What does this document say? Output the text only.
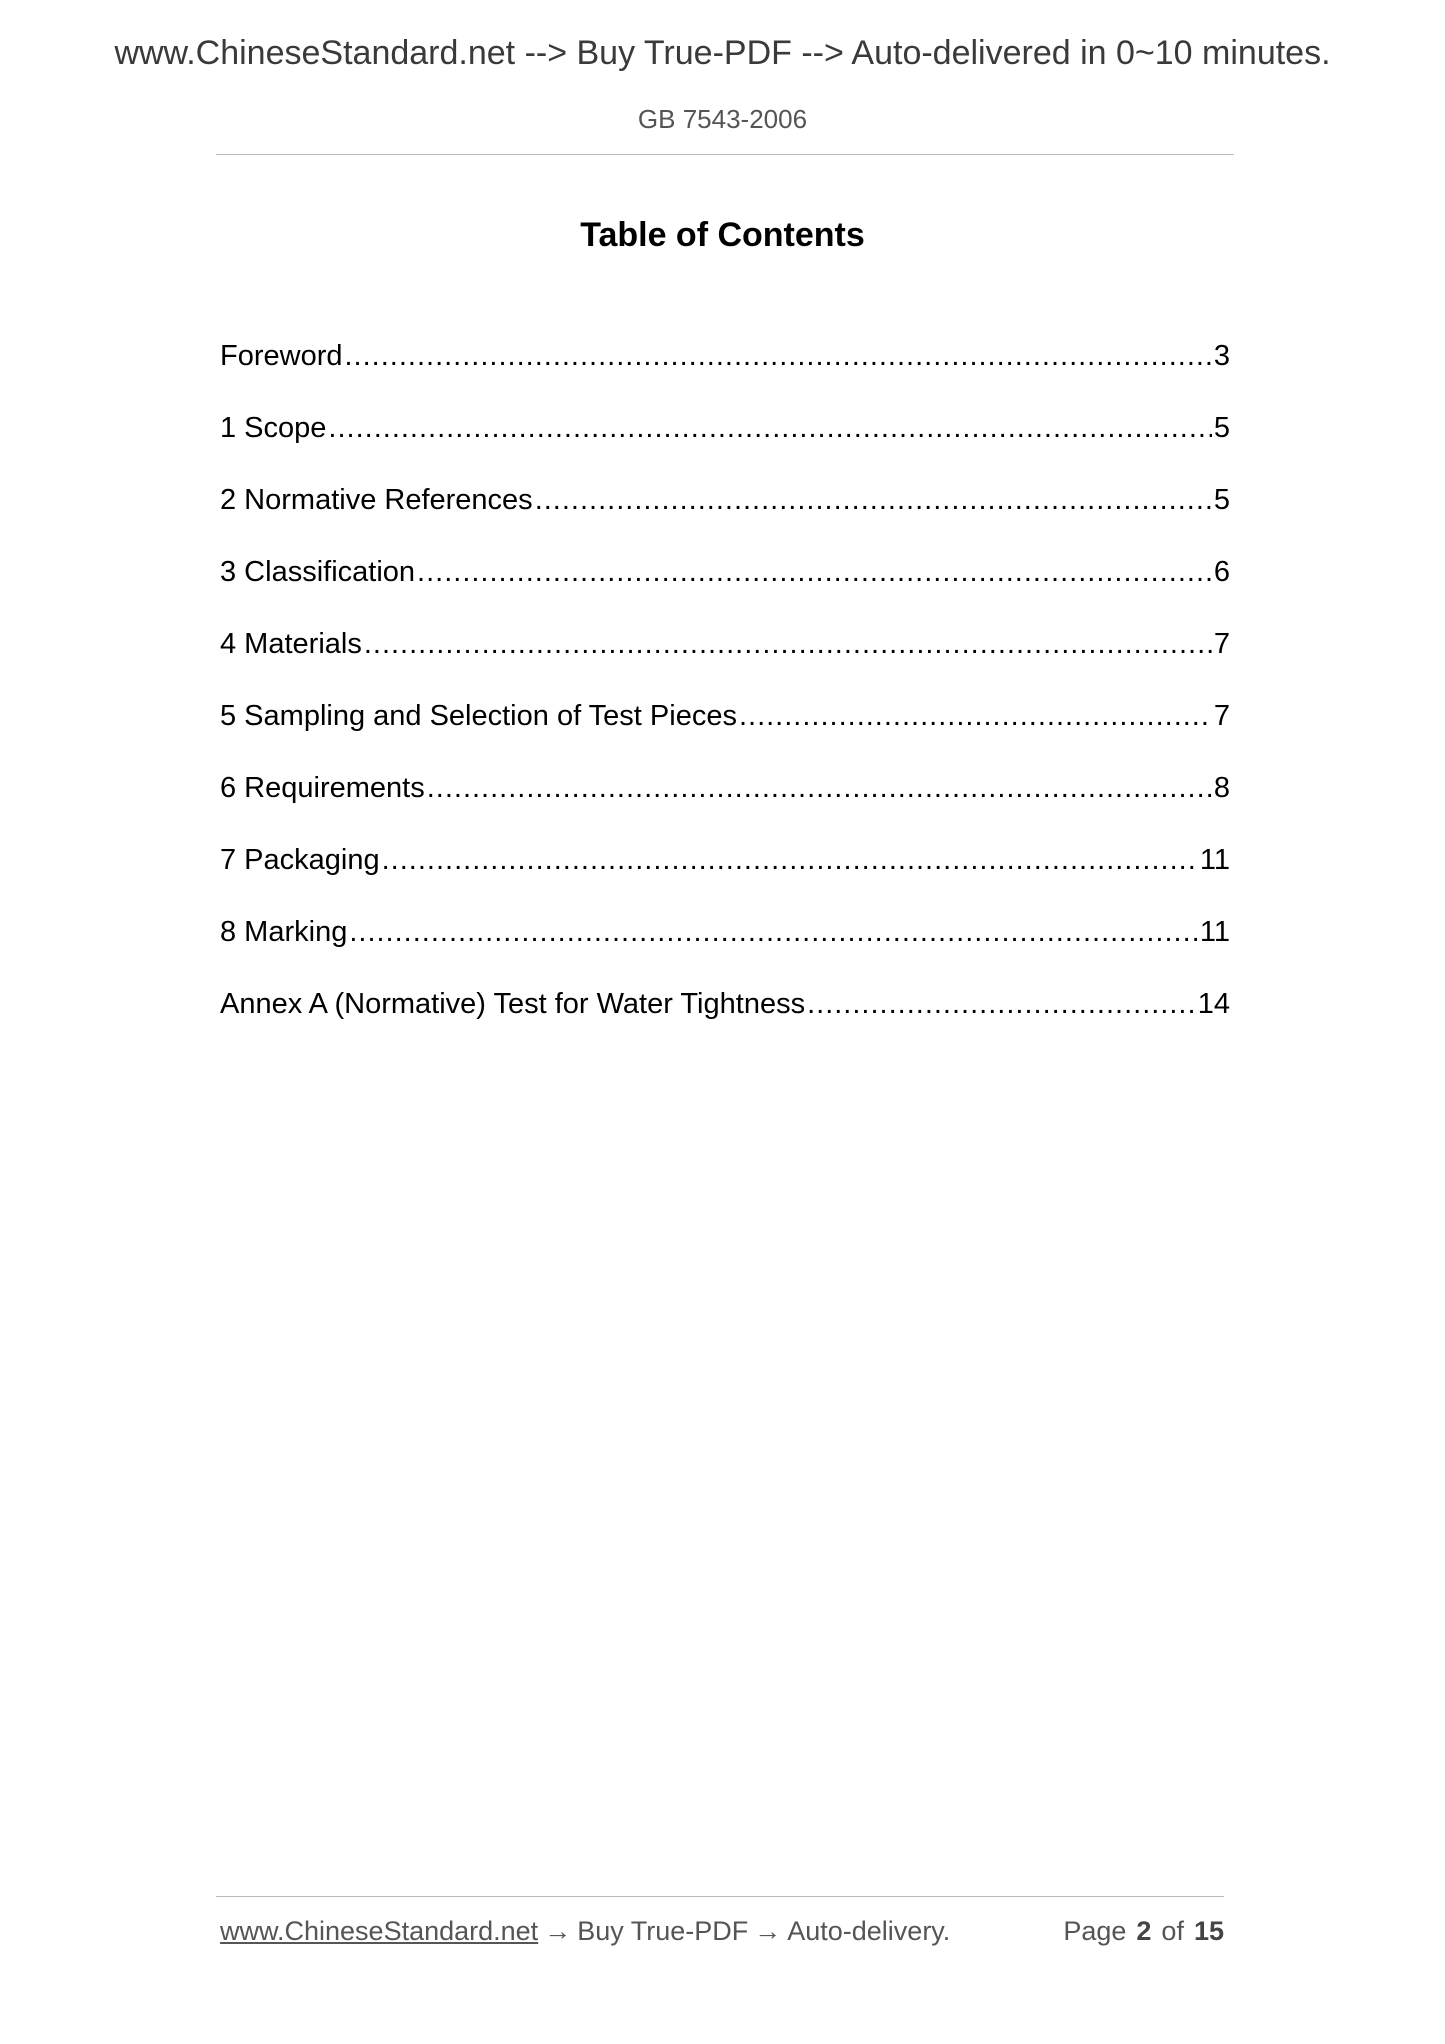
www.ChineseStandard.net --> Buy True-PDF --> Auto-delivered in 0~10 minutes.
GB 7543-2006
Table of Contents
Foreword .....	3
1 Scope .....	5
2 Normative References .....	5
3 Classification .....	6
4 Materials .....	7
5 Sampling and Selection of Test Pieces .....	7
6 Requirements .....	8
7 Packaging .....	11
8 Marking .....	11
Annex A (Normative) Test for Water Tightness .....	14
www.ChineseStandard.net → Buy True-PDF → Auto-delivery.	Page 2 of 15
